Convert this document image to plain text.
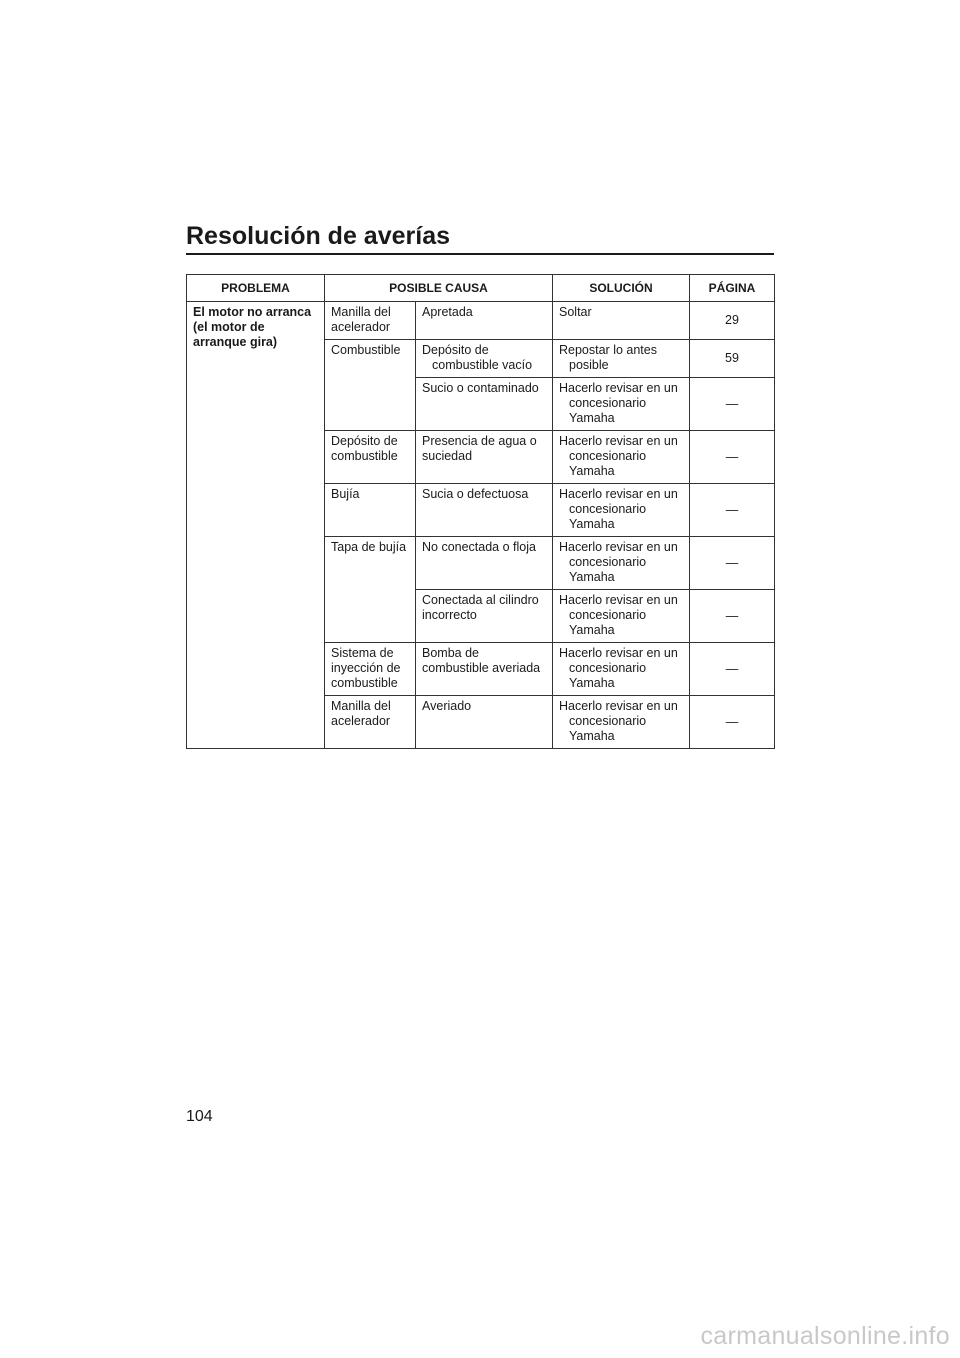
Resolución de averías
PROBLEMA	POSIBLE CAUSA		SOLUCIÓN	PÁGINA
El motor no arranca (el motor de arranque gira)	Manilla del acelerador	Apretada	Soltar	29
	Combustible	Depósito de combustible vacío	Repostar lo antes posible	59

		Sucio o contaminado	Hacerlo revisar en un concesionario Yamaha	—
	Depósito de combustible	Presencia de agua o suciedad	Hacerlo revisar en un concesionario Yamaha	—
	Bujía	Sucia o defectuosa	Hacerlo revisar en un concesionario Yamaha	—
	Tapa de bujía	No conectada o floja	Hacerlo revisar en un concesionario Yamaha	—
		Conectada al cilindro incorrecto	Hacerlo revisar en un concesionario Yamaha	—
	Sistema de inyección de combustible	Bomba de combustible averiada	Hacerlo revisar en un concesionario Yamaha	—
	Manilla del acelerador	Averiado	Hacerlo revisar en un concesionario Yamaha	—
104
carmanualsonline.info
